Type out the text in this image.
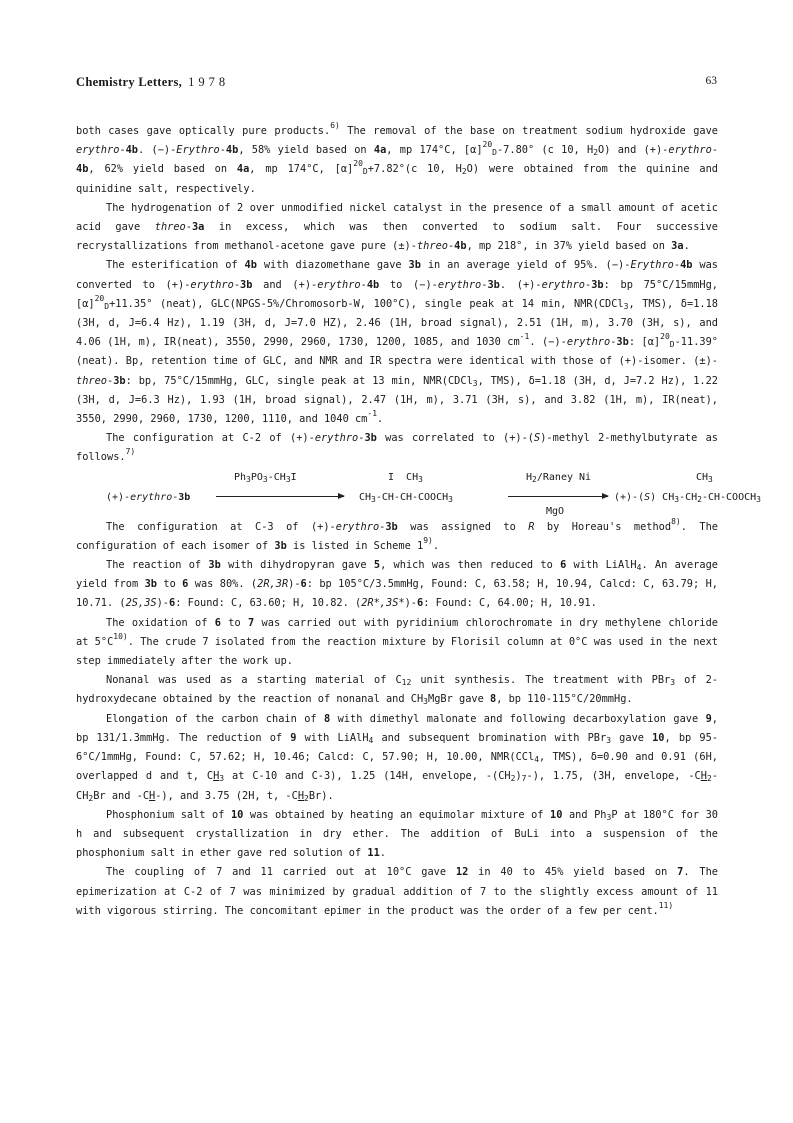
Chemistry Letters, 1978	63

both cases gave optically pure products.$^{6)}$ The removal of the base on treatment sodium hydroxide gave erythro-4b. (−)-Erythro-4b, 58% yield based on 4a, mp 174°C, $[\alpha]^{20}_D-7.80^\circ$ (c 10, $H_2O$) and (+)-erythro-4b, 62% yield based on 4a, mp 174°C, $[\alpha]^{20}_D+7.82^\circ(c$ 10, $H_2O$) were obtained from the quinine and quinidine salt, respectively.

The hydrogenation of 2 over unmodified nickel catalyst in the presence of a small amount of acetic acid gave threo-3a in excess, which was then converted to sodium salt. Four successive recrystallizations from methanol-acetone gave pure (±)-threo-4b, mp 218°, in 37% yield based on 3a.

The esterification of 4b with diazomethane gave 3b in an average yield of 95%. (−)-Erythro-4b was converted to (+)-erythro-3b and (+)-erythro-4b to (−)-erythro-3b. (+)-erythro-3b: bp 75°C/15mmHg, $[\alpha]^{20}_D+11.35^\circ$ (neat), GLC(NPGS-5%/Chromosorb-W, 100°C), single peak at 14 min, NMR(CDCl$_3$, TMS), δ=1.18 (3H, d, J=6.4 Hz), 1.19 (3H, d, J=7.0 HZ), 2.46 (1H, broad signal), 2.51 (1H, m), 3.70 (3H, s), and 4.06 (1H, m), IR(neat), 3550, 2990, 2960, 1730, 1200, 1085, and 1030 $cm^{-1}$. (−)-erythro-3b: $[\alpha]^{20}_D-11.39^\circ$ (neat). Bp, retention time of GLC, and NMR and IR spectra were identical with those of (+)-isomer. (±)-threo-3b: bp, 75°C/15mmHg, GLC, single peak at 13 min, NMR(CDCl$_3$, TMS), δ=1.18 (3H, d, J=7.2 Hz), 1.22 (3H, d, J=6.3 Hz), 1.93 (1H, broad signal), 2.47 (1H, m), 3.71 (3H, s), and 3.82 (1H, m), IR(neat), 3550, 2990, 2960, 1730, 1200, 1110, and 1040 $cm^{-1}$.

The configuration at C-2 of (+)-erythro-3b was correlated to (+)-(S)-methyl 2-methylbutyrate as follows.$^{7)}$

(+)-erythro-3b
$Ph_3PO_3-CH_3I$	I  $CH_3$
$CH_3-CH-CH-COOCH_3$
$H_2$/Raney Ni
MgO
$CH_3$
(+)-(S) $CH_3-CH_2-CH-COOCH_3$

The configuration at C-3 of (+)-erythro-3b was assigned to R by Horeau's method$^{8)}$. The configuration of each isomer of 3b is listed in Scheme 1$^{9)}$.

The reaction of 3b with dihydropyran gave 5, which was then reduced to 6 with LiAlH$_4$. An average yield from 3b to 6 was 80%. (2R,3R)-6: bp 105°C/3.5mmHg, Found: C, 63.58; H, 10.94, Calcd: C, 63.79; H, 10.71. (2S,3S)-6: Found: C, 63.60; H, 10.82. (2R*,3S*)-6: Found: C, 64.00; H, 10.91.

The oxidation of 6 to 7 was carried out with pyridinium chlorochromate in dry methylene chloride at $5^\circ C^{10)}$. The crude 7 isolated from the reaction mixture by Florisil column at 0°C was used in the next step immediately after the work up.

Nonanal was used as a starting material of $C_{12}$ unit synthesis. The treatment with PBr$_3$ of 2-hydroxydecane obtained by the reaction of nonanal and $CH_3MgBr$ gave 8, bp 110-115°C/20mmHg.

Elongation of the carbon chain of 8 with dimethyl malonate and following decarboxylation gave 9, bp 131/1.3mmHg. The reduction of 9 with LiAlH$_4$ and subsequent bromination with PBr$_3$ gave 10, bp 95-6°C/1mmHg, Found: C, 57.62; H, 10.46; Calcd: C, 57.90; H, 10.00, NMR(CCl$_4$, TMS), δ=0.90 and 0.91 (6H, overlapped d and t, $CH_3$ at C-10 and C-3), 1.25 (14H, envelope, $-(CH_2)_7-$), 1.75, (3H, envelope, $-CH_2-CH_2Br$ and -CH-), and 3.75 (2H, t, $-CH_2Br$).

Phosphonium salt of 10 was obtained by heating an equimolar mixture of 10 and $Ph_3P$ at 180°C for 30 h and subsequent crystallization in dry ether. The addition of BuLi into a suspension of the phosphonium salt in ether gave red solution of 11.

The coupling of 7 and 11 carried out at 10°C gave 12 in 40 to 45% yield based on 7. The epimerization at C-2 of 7 was minimized by gradual addition of 7 to the slightly excess amount of 11 with vigorous stirring. The concomitant epimer in the product was the order of a few per cent.$^{11)}$
